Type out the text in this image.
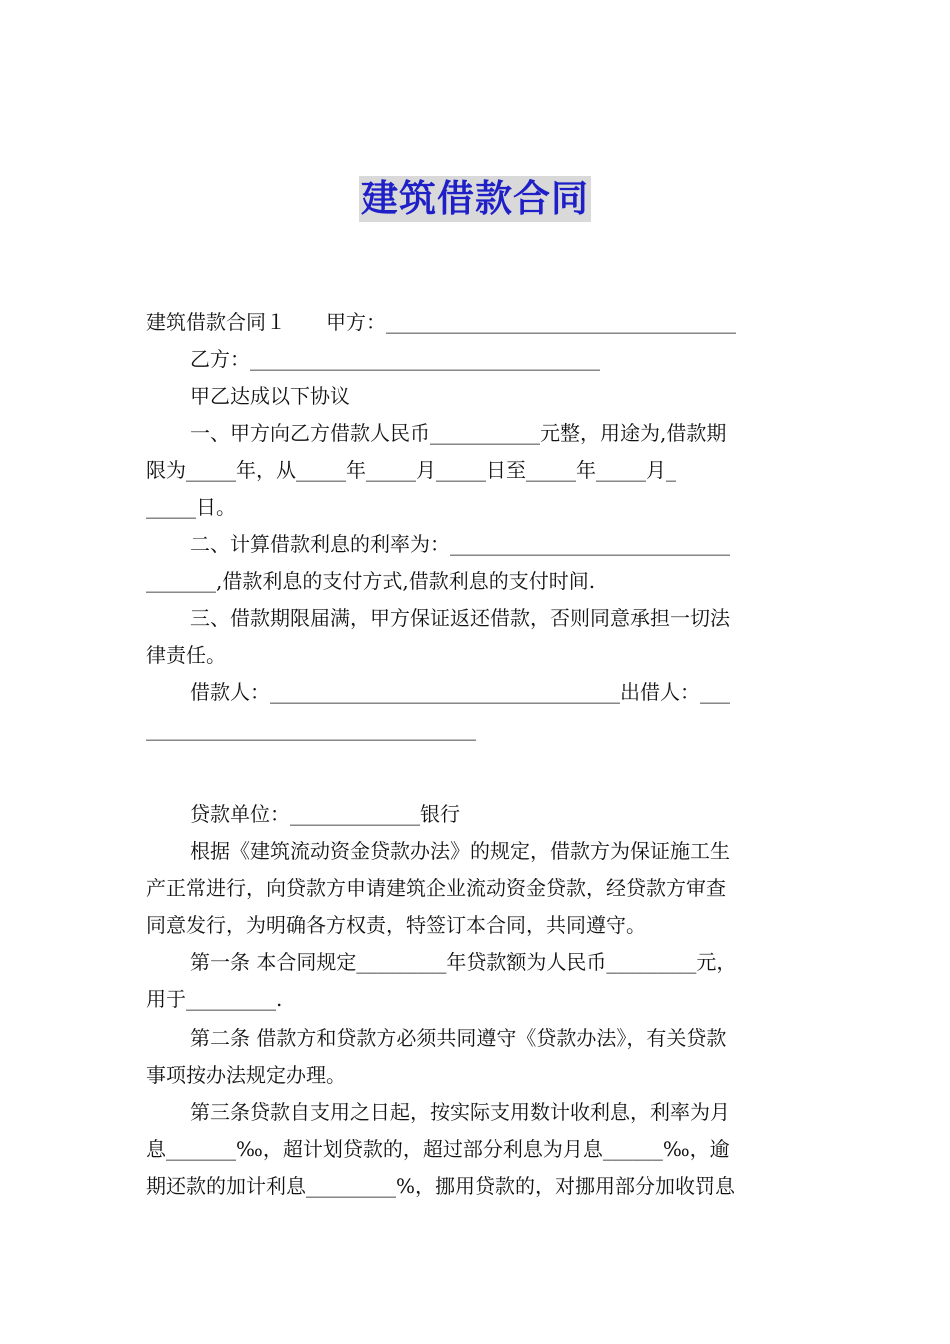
建筑借款合同
建筑借款合同１ 甲方：___________________________________
乙方：___________________________________
甲乙达成以下协议
一、甲方向乙方借款人民币___________元整，用途为,借款期
限为_____年，从_____年_____月_____日至_____年_____月_
_____日。
二、计算借款利息的利率为：____________________________
_______,借款利息的支付方式,借款利息的支付时间.
三、借款期限届满，甲方保证返还借款，否则同意承担一切法
律责任。
借款人：___________________________________出借人：___
_________________________________
贷款单位：_____________银行
根据《建筑流动资金贷款办法》的规定，借款方为保证施工生
产正常进行，向贷款方申请建筑企业流动资金贷款，经贷款方审查
同意发行，为明确各方权责，特签订本合同，共同遵守。
第一条 本合同规定_________年贷款额为人民币_________元，
用于_________.
第二条 借款方和贷款方必须共同遵守《贷款办法》，有关贷款
事项按办法规定办理。
第三条贷款自支用之日起，按实际支用数计收利息，利率为月
息_______‰，超计划贷款的，超过部分利息为月息______‰，逾
期还款的加计利息_________%，挪用贷款的，对挪用部分加收罚息
